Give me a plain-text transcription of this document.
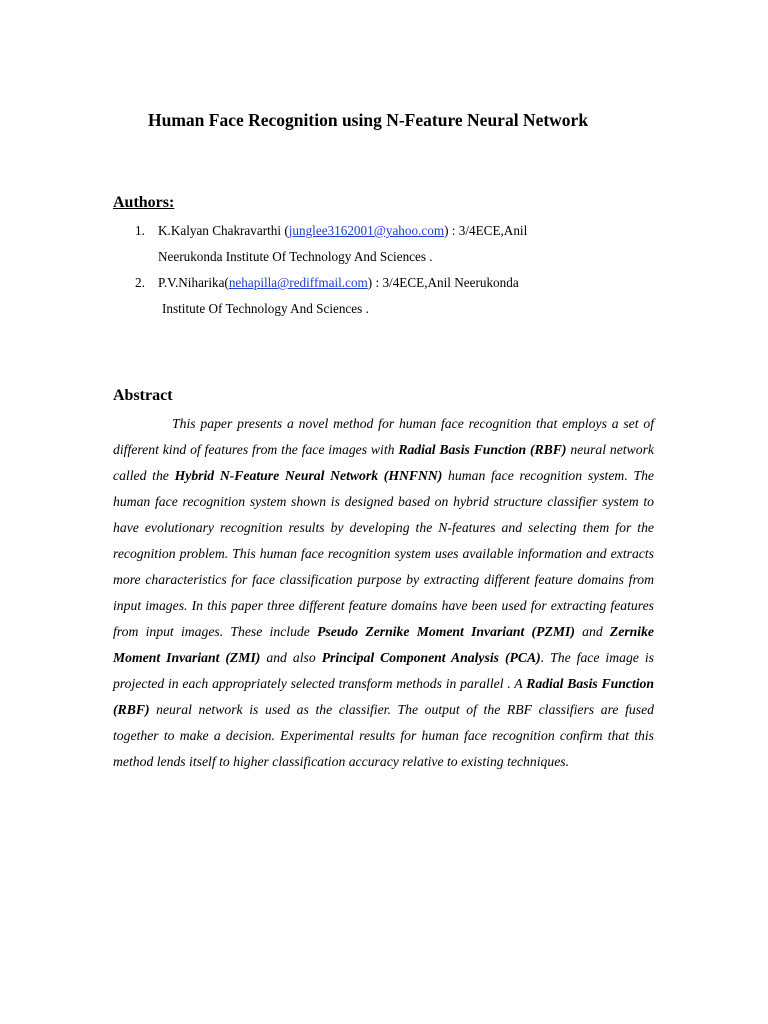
Human Face Recognition using N-Feature Neural Network
Authors:
1. K.Kalyan Chakravarthi (junglee3162001@yahoo.com) : 3/4ECE,Anil
Neerukonda Institute Of Technology And Sciences .
2. P.V.Niharika(nehapilla@rediffmail.com) : 3/4ECE,Anil Neerukonda
Institute Of Technology And Sciences .
Abstract

This paper presents a novel method for human face recognition that employs a set of different kind of features from the face images with Radial Basis Function (RBF) neural network called the Hybrid N-Feature Neural Network (HNFNN) human face recognition system. The human face recognition system shown is designed based on hybrid structure classifier system to have evolutionary recognition results by developing the N-features and selecting them for the recognition problem. This human face recognition system uses available information and extracts more characteristics for face classification purpose by extracting different feature domains from input images. In this paper three different feature domains have been used for extracting features from input images. These include Pseudo Zernike Moment Invariant (PZMI) and Zernike Moment Invariant (ZMI) and also Principal Component Analysis (PCA). The face image is projected in each appropriately selected transform methods in parallel . A Radial Basis Function (RBF) neural network is used as the classifier. The output of the RBF classifiers are fused together to make a decision. Experimental results for human face recognition confirm that this method lends itself to higher classification accuracy relative to existing techniques.
